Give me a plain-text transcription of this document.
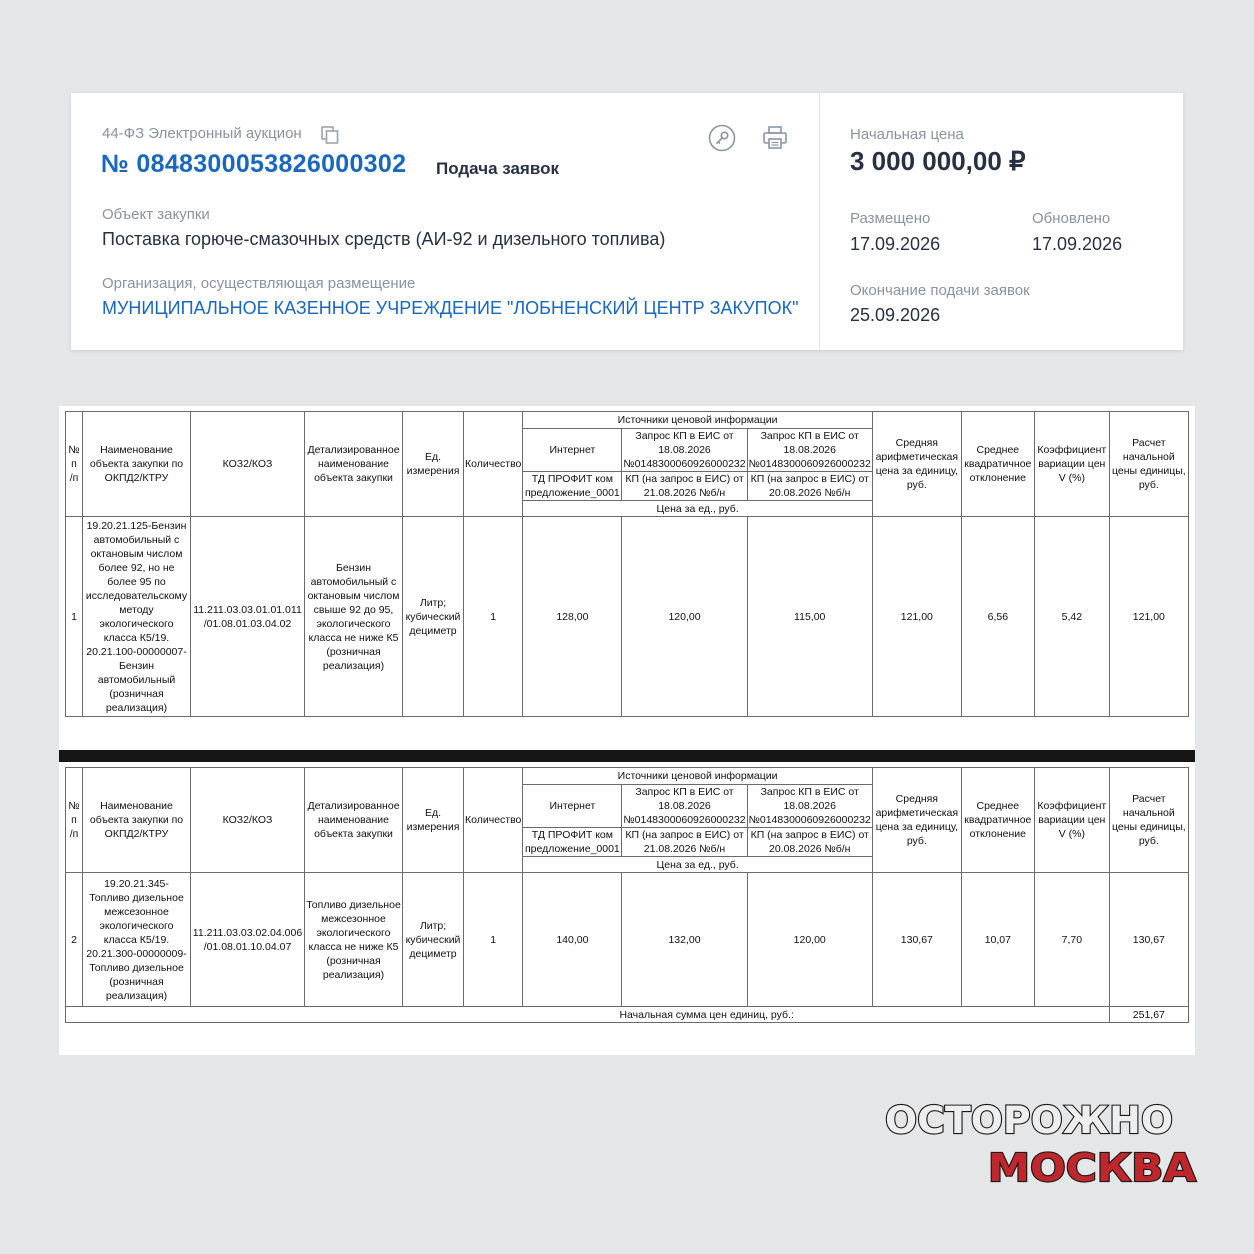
44-ФЗ Электронный аукцион
№ 0848300053826000302 Подача заявок
Объект закупки
Поставка горюче-смазочных средств (АИ-92 и дизельного топлива)
Организация, осуществляющая размещение
МУНИЦИПАЛЬНОЕ КАЗЕННОЕ УЧРЕЖДЕНИЕ "ЛОБНЕНСКИЙ ЦЕНТР ЗАКУПОК"
Начальная цена
3 000 000,00 ₽
Размещено
17.09.2026
Обновлено
17.09.2026
Окончание подачи заявок
25.09.2026
№
п
/п	Наименование объекта закупки по ОКПД2/КТРУ	КОЗ2/КОЗ	Детализированное наименование объекта закупки	Ед. измерения	Количество	Источники ценовой информации			Средняя арифметическая цена за единицу, руб.	Среднее квадратичное отклонение	Коэффициент вариации цен V (%)	Расчет начальной цены единицы, руб.
						Интернет	Запрос КП в ЕИС от 18.08.2026 №0148300060926000232	Запрос КП в ЕИС от 18.08.2026 №0148300060926000232				
						ТД ПРОФИТ ком предложение_0001	КП (на запрос в ЕИС) от 21.08.2026 №б/н	КП (на запрос в ЕИС) от 20.08.2026 №б/н				
						Цена за ед., руб.						
1	19.20.21.125-Бензин автомобильный с октановым числом более 92, но не более 95 по исследовательскому методу экологического класса К5/19. 20.21.100-00000007-Бензин автомобильный (розничная реализация)	11.211.03.03.01.01.011 /01.08.01.03.04.02	Бензин автомобильный с октановым числом свыше 92 до 95, экологического класса не ниже К5 (розничная реализация)	Литр; кубический дециметр	1	128,00	120,00	115,00	121,00	6,56	5,42	121,00
№
п
/п	Наименование объекта закупки по ОКПД2/КТРУ	КОЗ2/КОЗ	Детализированное наименование объекта закупки	Ед. измерения	Количество	Источники ценовой информации			Средняя арифметическая цена за единицу, руб.	Среднее квадратичное отклонение	Коэффициент вариации цен V (%)	Расчет начальной цены единицы, руб.
						Интернет	Запрос КП в ЕИС от 18.08.2026 №0148300060926000232	Запрос КП в ЕИС от 18.08.2026 №0148300060926000232				
						ТД ПРОФИТ ком предложение_0001	КП (на запрос в ЕИС) от 21.08.2026 №б/н	КП (на запрос в ЕИС) от 20.08.2026 №б/н				
						Цена за ед., руб.						
2	19.20.21.345-Топливо дизельное межсезонное экологического класса К5/19. 20.21.300-00000009-Топливо дизельное (розничная реализация)	11.211.03.03.02.04.006 /01.08.01.10.04.07	Топливо дизельное межсезонное экологического класса не ниже К5 (розничная реализация)	Литр; кубический дециметр	1	140,00	132,00	120,00	130,67	10,07	7,70	130,67
			Начальная сумма цен единиц, руб.:									251,67
ОСТОРОЖНО
МОСКВА
